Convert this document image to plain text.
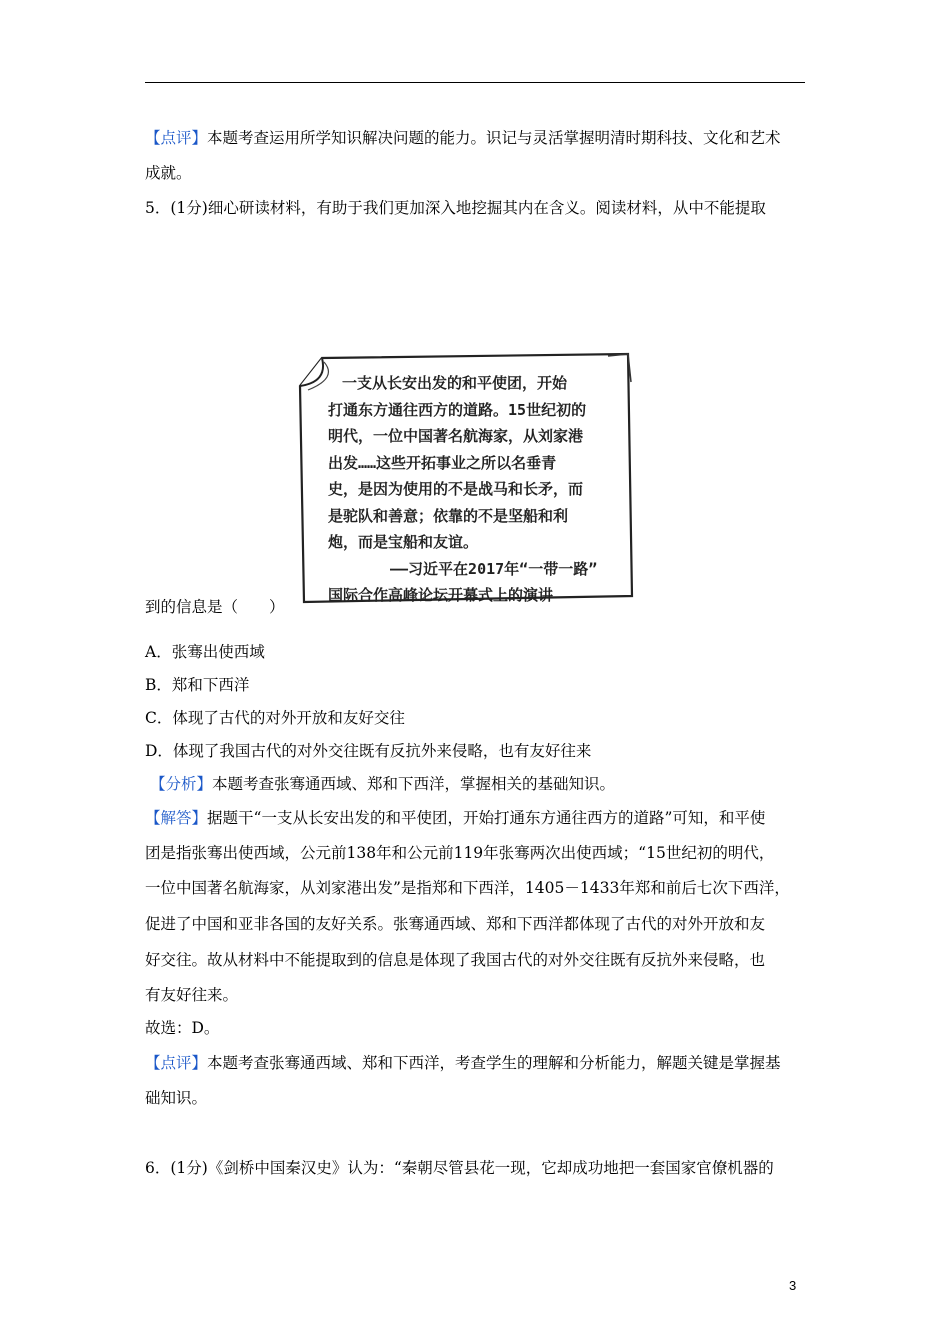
【点评】本题考查运用所学知识解决问题的能力。识记与灵活掌握明清时期科技、文化和艺术
成就。
5．(1分)细心研读材料，有助于我们更加深入地挖掘其内在含义。阅读材料，从中不能提取
一支从长安出发的和平使团，开始
打通东方通往西方的道路。15世纪初的
明代，一位中国著名航海家，从刘家港
出发……这些开拓事业之所以名垂青
史，是因为使用的不是战马和长矛，而
是驼队和善意；依靠的不是坚船和利
炮，而是宝船和友谊。
——习近平在2017年“一带一路”
国际合作高峰论坛开幕式上的演讲
到的信息是（　　）
A．张骞出使西域
B．郑和下西洋
C．体现了古代的对外开放和友好交往
D．体现了我国古代的对外交往既有反抗外来侵略，也有友好往来
【分析】本题考查张骞通西域、郑和下西洋，掌握相关的基础知识。
【解答】据题干“一支从长安出发的和平使团，开始打通东方通往西方的道路”可知，和平使
团是指张骞出使西域，公元前138年和公元前119年张骞两次出使西域；“15世纪初的明代，
一位中国著名航海家，从刘家港出发”是指郑和下西洋，1405－1433年郑和前后七次下西洋，
促进了中国和亚非各国的友好关系。张骞通西域、郑和下西洋都体现了古代的对外开放和友
好交往。故从材料中不能提取到的信息是体现了我国古代的对外交往既有反抗外来侵略，也
有友好往来。
故选：D。
【点评】本题考查张骞通西域、郑和下西洋，考查学生的理解和分析能力，解题关键是掌握基
础知识。
6．(1分)《剑桥中国秦汉史》认为：“秦朝尽管县花一现，它却成功地把一套国家官僚机器的
3
